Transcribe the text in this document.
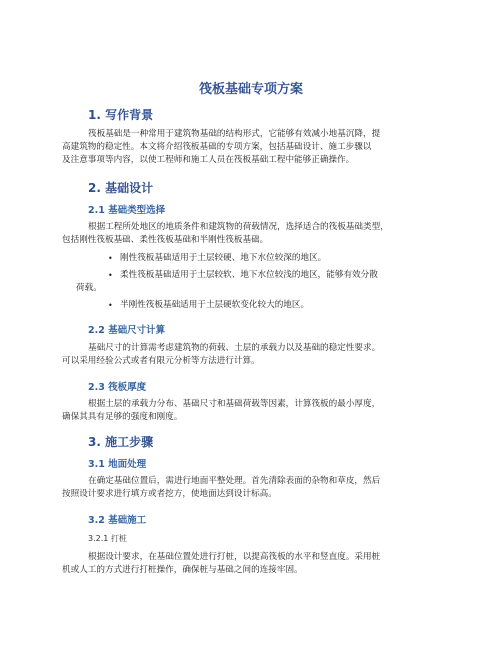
筏板基础专项方案
1. 写作背景
筏板基础是一种常用于建筑物基础的结构形式，它能够有效减小地基沉降，提
高建筑物的稳定性。本文将介绍筏板基础的专项方案，包括基础设计、施工步骤以
及注意事项等内容，以使工程师和施工人员在筏板基础工程中能够正确操作。
2. 基础设计
2.1 基础类型选择
根据工程所处地区的地质条件和建筑物的荷载情况，选择适合的筏板基础类型，
包括刚性筏板基础、柔性筏板基础和半刚性筏板基础。
• 刚性筏板基础适用于土层较硬、地下水位较深的地区。
• 柔性筏板基础适用于土层较软、地下水位较浅的地区，能够有效分散
荷载。
• 半刚性筏板基础适用于土层硬软变化较大的地区。
2.2 基础尺寸计算
基础尺寸的计算需考虑建筑物的荷载、土层的承载力以及基础的稳定性要求。
可以采用经验公式或者有限元分析等方法进行计算。
2.3 筏板厚度
根据土层的承载力分布、基础尺寸和基础荷载等因素，计算筏板的最小厚度，
确保其具有足够的强度和刚度。
3. 施工步骤
3.1 地面处理
在确定基础位置后，需进行地面平整处理。首先清除表面的杂物和草皮，然后
按照设计要求进行填方或者挖方，使地面达到设计标高。
3.2 基础施工
3.2.1 打桩
根据设计要求，在基础位置处进行打桩，以提高筏板的水平和竖直度。采用桩
机或人工的方式进行打桩操作，确保桩与基础之间的连接牢固。
